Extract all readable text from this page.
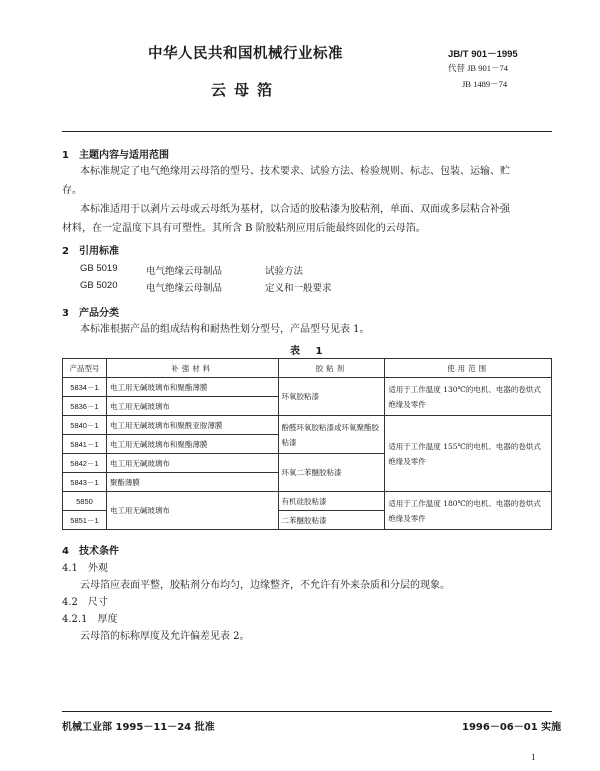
中华人民共和国机械行业标准
云母箔
JB/T 901－1995
代替 JB 901－74
JB 1489－74
1　主题内容与适用范围
本标准规定了电气绝缘用云母箔的型号、技术要求、试验方法、检验规则、标志、包装、运输、贮
存。
本标准适用于以剥片云母或云母纸为基材，以合适的胶粘漆为胶粘剂，单面、双面或多层粘合补强
材料，在一定温度下具有可塑性。其所含 B 阶胶粘剂应用后能最终固化的云母箔。
2　引用标准
GB 5019	电气绝缘云母制品	试验方法
GB 5020	电气绝缘云母制品	定义和一般要求
3　产品分类
本标准根据产品的组成结构和耐热性划分型号，产品型号见表 1。
表 1
产品型号	补强材料	胶粘剂	使用范围
5834－1	电工用无碱玻璃布和聚酯薄膜	环氧胶粘漆	适用于工作温度 130℃的电机、电器的卷烘式绝缘及零件
5836－1	电工用无碱玻璃布		
5840－1	电工用无碱玻璃布和聚酰亚胺薄膜	酚醛环氧胶粘漆或环氧聚酯胶粘漆	适用于工作温度 155℃的电机、电器的卷烘式绝缘及零件
5841－1	电工用无碱玻璃布和聚酯薄膜		
5842－1	电工用无碱玻璃布	环氧二苯醚胶粘漆	
5843－1	聚酯薄膜		
5850	电工用无碱玻璃布	有机硅胶粘漆	适用于工作温度 180℃的电机、电器的卷烘式绝缘及零件
5851－1		二苯醚胶粘漆	
4　技术条件
4.1　外观
云母箔应表面平整，胶粘剂分布均匀，边缘整齐，不允许有外来杂质和分层的现象。
4.2　尺寸
4.2.1　厚度
云母箔的标称厚度及允许偏差见表 2。
机械工业部 1995－11－24 批准	1996－06－01 实施
1
